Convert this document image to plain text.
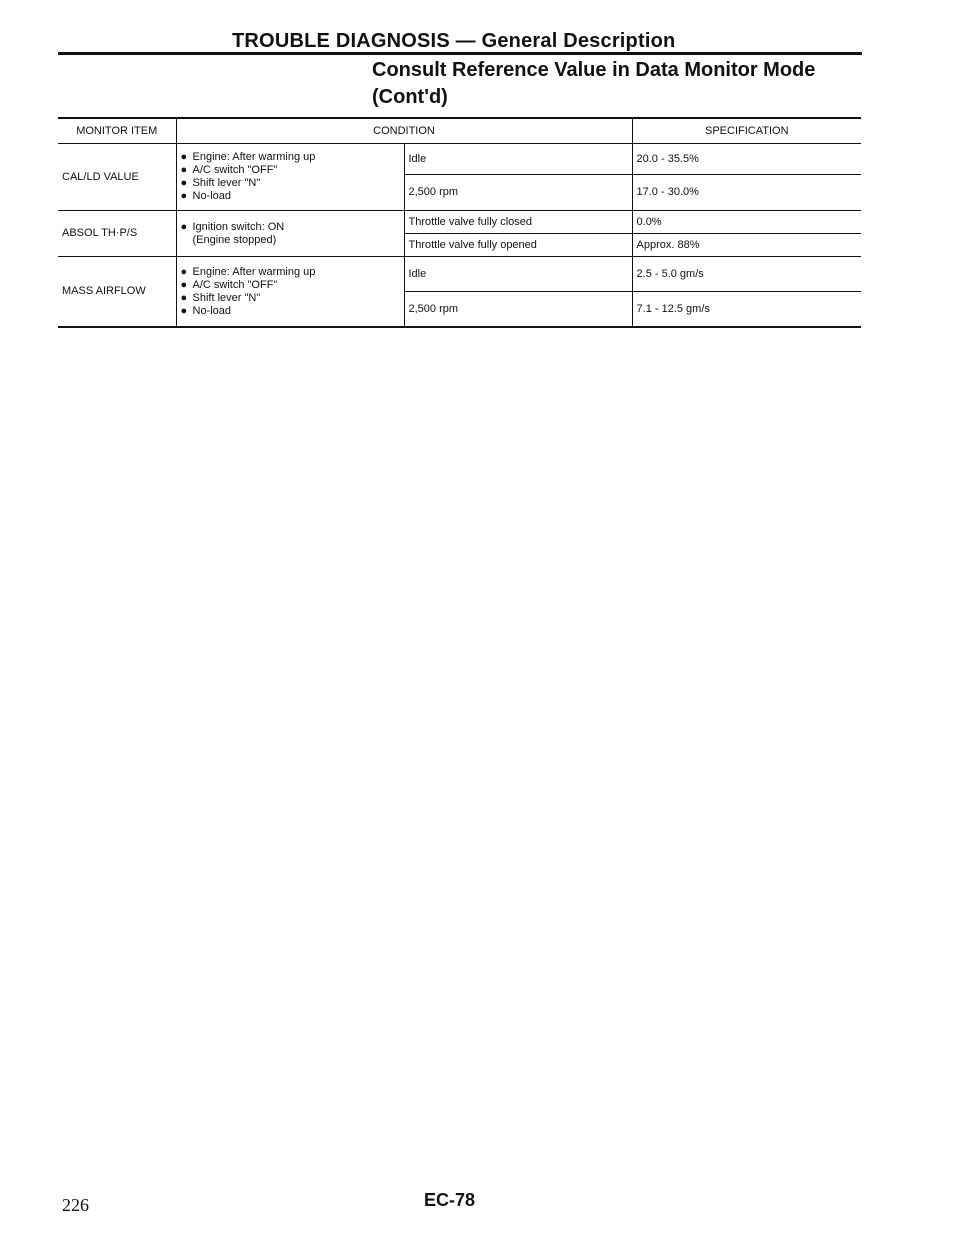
TROUBLE DIAGNOSIS — General Description
Consult Reference Value in Data Monitor Mode
(Cont'd)
MONITOR ITEM	CONDITION		SPECIFICATION
CAL/LD VALUE	● Engine: After warming up
● A/C switch "OFF"
● Shift lever "N"
● No-load	Idle	20.0 - 35.5%
		2,500 rpm	17.0 - 30.0%
ABSOL TH·P/S	● Ignition switch: ON
(Engine stopped)	Throttle valve fully closed	0.0%
		Throttle valve fully opened	Approx. 88%
MASS AIRFLOW	● Engine: After warming up
● A/C switch "OFF"
● Shift lever "N"
● No-load	Idle	2.5 - 5.0 gm/s
		2,500 rpm	7.1 - 12.5 gm/s
226	EC-78
